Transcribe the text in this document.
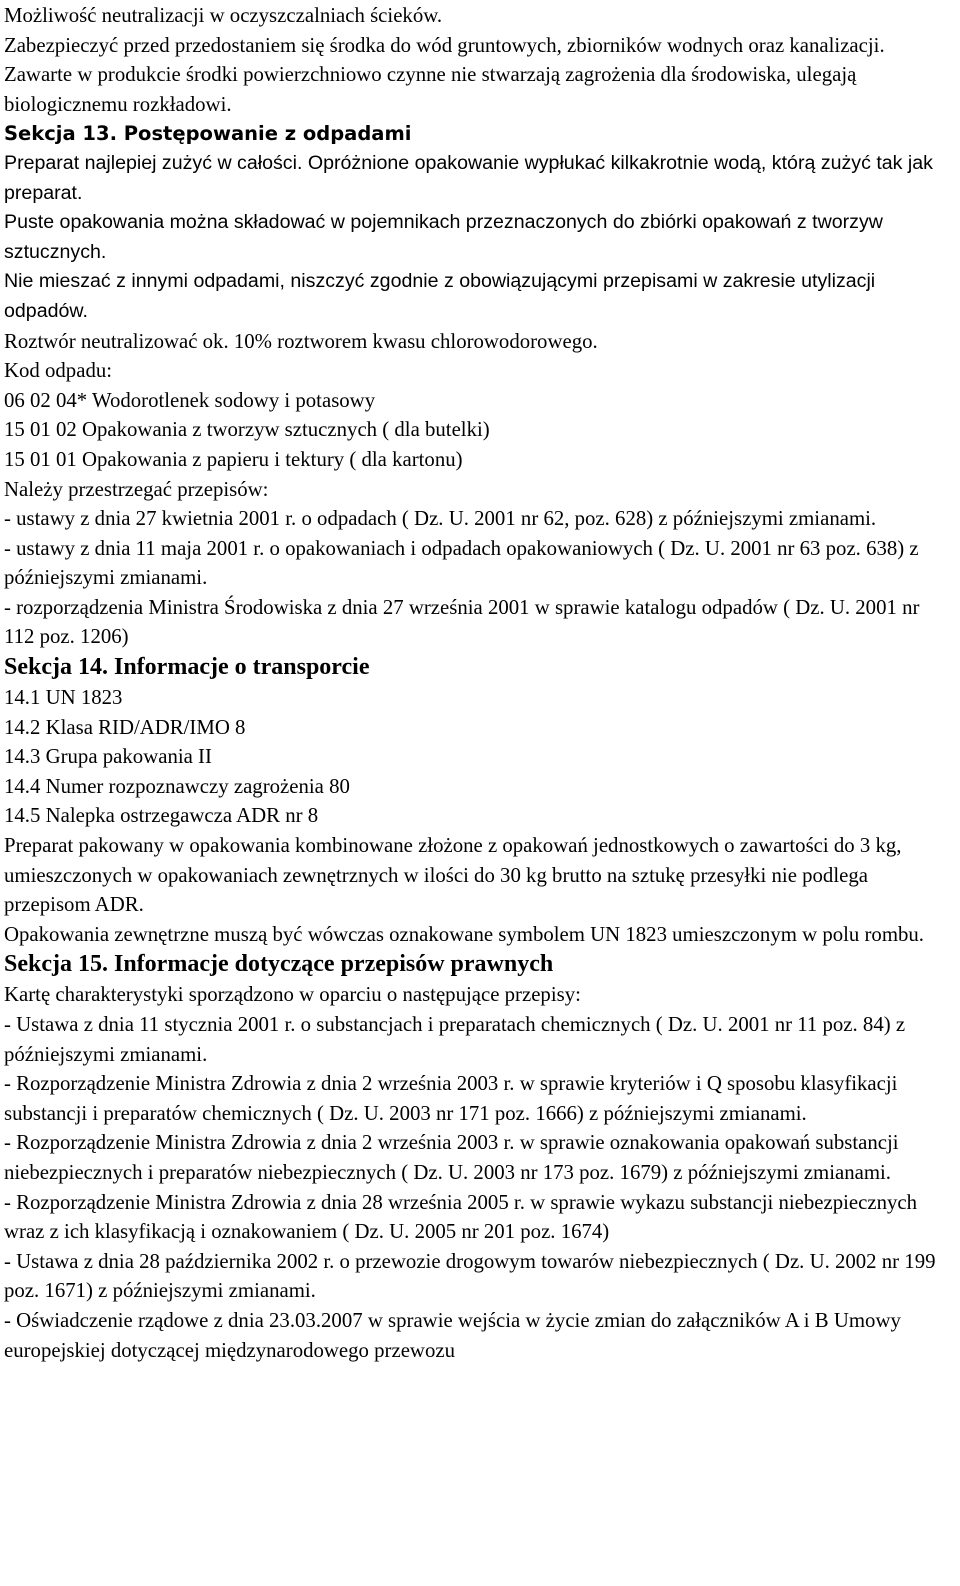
Możliwość neutralizacji w oczyszczalniach ścieków.

Zabezpieczyć przed przedostaniem się środka do wód gruntowych, zbiorników wodnych oraz kanalizacji.

Zawarte w produkcie środki powierzchniowo czynne nie stwarzają zagrożenia dla środowiska, ulegają biologicznemu rozkładowi.

Sekcja 13. Postępowanie z odpadami

Preparat najlepiej zużyć w całości. Opróżnione opakowanie wypłukać kilkakrotnie wodą, którą zużyć tak jak preparat.

Puste opakowania można składować w pojemnikach przeznaczonych do zbiórki opakowań z tworzyw sztucznych.

Nie mieszać z innymi odpadami, niszczyć zgodnie z obowiązującymi przepisami w zakresie utylizacji odpadów.

Roztwór neutralizować ok. 10% roztworem kwasu chlorowodorowego.

Kod odpadu:

06 02 04* Wodorotlenek sodowy i potasowy

15 01 02 Opakowania z tworzyw sztucznych ( dla butelki)

15 01 01 Opakowania z papieru i tektury ( dla kartonu)

Należy przestrzegać przepisów:

- ustawy z dnia 27 kwietnia 2001 r. o odpadach ( Dz. U. 2001 nr 62, poz. 628) z późniejszymi zmianami.

- ustawy z dnia 11 maja 2001 r. o opakowaniach i odpadach opakowaniowych ( Dz. U. 2001 nr 63 poz. 638) z późniejszymi zmianami.

- rozporządzenia Ministra Środowiska z dnia 27 września 2001 w sprawie katalogu odpadów ( Dz. U. 2001 nr 112 poz. 1206)

Sekcja 14. Informacje o transporcie

14.1 UN 1823

14.2 Klasa RID/ADR/IMO 8

14.3 Grupa pakowania II

14.4 Numer rozpoznawczy zagrożenia 80

14.5 Nalepka ostrzegawcza ADR nr 8

Preparat pakowany w opakowania kombinowane złożone z opakowań jednostkowych o zawartości do 3 kg, umieszczonych w opakowaniach zewnętrznych w ilości do 30 kg brutto na sztukę przesyłki nie podlega przepisom ADR.

Opakowania zewnętrzne muszą być wówczas oznakowane symbolem UN 1823 umieszczonym w polu rombu.

Sekcja 15. Informacje dotyczące przepisów prawnych

Kartę charakterystyki sporządzono w oparciu o następujące przepisy:

- Ustawa z dnia 11 stycznia 2001 r. o substancjach i preparatach chemicznych ( Dz. U. 2001 nr 11 poz. 84) z późniejszymi zmianami.

- Rozporządzenie Ministra Zdrowia z dnia 2 września 2003 r. w sprawie kryteriów i Q sposobu klasyfikacji substancji i preparatów chemicznych ( Dz. U. 2003 nr 171 poz. 1666) z późniejszymi zmianami.

- Rozporządzenie Ministra Zdrowia z dnia 2 września 2003 r. w sprawie oznakowania opakowań substancji niebezpiecznych i preparatów niebezpiecznych ( Dz. U. 2003 nr 173 poz. 1679) z późniejszymi zmianami.

- Rozporządzenie Ministra Zdrowia z dnia 28 września 2005 r. w sprawie wykazu substancji niebezpiecznych wraz z ich klasyfikacją i oznakowaniem ( Dz. U. 2005 nr 201 poz. 1674)

- Ustawa z dnia 28 października 2002 r. o przewozie drogowym towarów niebezpiecznych ( Dz. U. 2002 nr 199 poz. 1671) z późniejszymi zmianami.

- Oświadczenie rządowe z dnia 23.03.2007 w sprawie wejścia w życie zmian do załączników A i B Umowy europejskiej dotyczącej międzynarodowego przewozu
